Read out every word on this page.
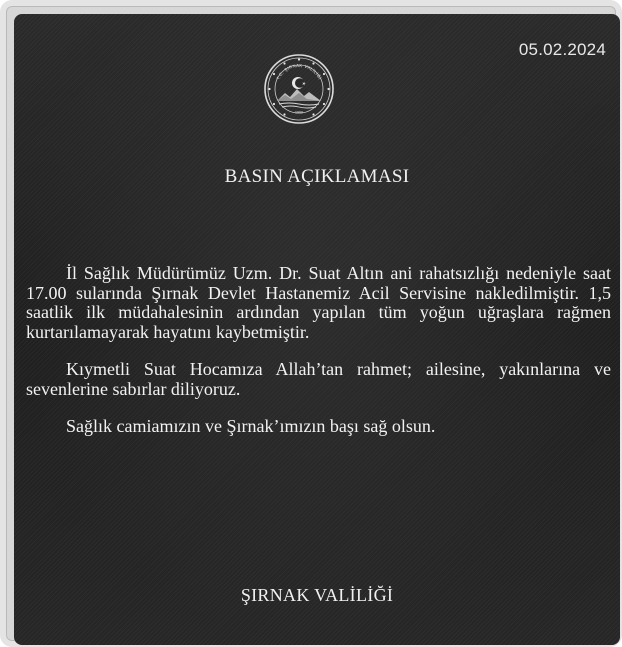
05.02.2024
T.C. ŞIRNAK VALİLİĞİ
1990
BASIN AÇIKLAMASI

İl Sağlık Müdürümüz Uzm. Dr. Suat Altın ani rahatsızlığı nedeniyle saat 17.00 sularında Şırnak Devlet Hastanemiz Acil Servisine nakledilmiştir. 1,5 saatlik ilk müdahalesinin ardından yapılan tüm yoğun uğraşlara rağmen kurtarılamayarak hayatını kaybetmiştir.

Kıymetli Suat Hocamıza Allah’tan rahmet; ailesine, yakınlarına ve sevenlerine sabırlar diliyoruz.

Sağlık camiamızın ve Şırnak’ımızın başı sağ olsun.

ŞIRNAK VALİLİĞİ
